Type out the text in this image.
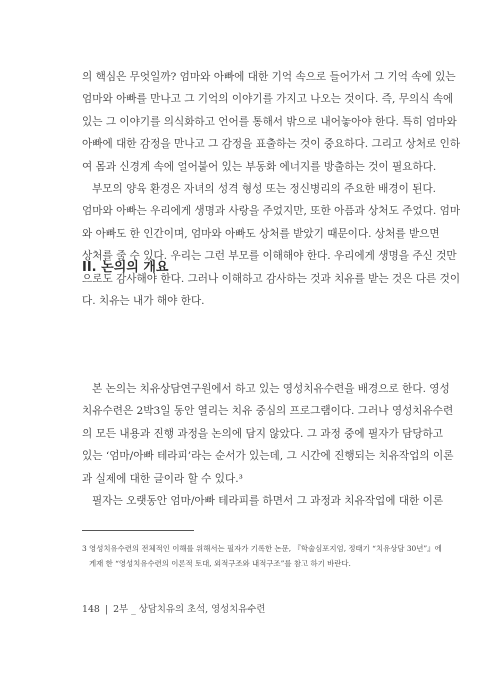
의 핵심은 무엇일까? 엄마와 아빠에 대한 기억 속으로 들어가서 그 기억 속에 있는
엄마와 아빠를 만나고 그 기억의 이야기를 가지고 나오는 것이다. 즉, 무의식 속에
있는 그 이야기를 의식화하고 언어를 통해서 밖으로 내어놓아야 한다. 특히 엄마와
아빠에 대한 감정을 만나고 그 감정을 표출하는 것이 중요하다. 그리고 상처로 인하
여 몸과 신경계 속에 얼어붙어 있는 부동화 에너지를 방출하는 것이 필요하다.

부모의 양육 환경은 자녀의 성격 형성 또는 정신병리의 주요한 배경이 된다.
엄마와 아빠는 우리에게 생명과 사랑을 주었지만, 또한 아픔과 상처도 주었다. 엄마
와 아빠도 한 인간이며, 엄마와 아빠도 상처를 받았기 때문이다. 상처를 받으면
상처를 줄 수 있다. 우리는 그런 부모를 이해해야 한다. 우리에게 생명을 주신 것만
으로도 감사해야 한다. 그러나 이해하고 감사하는 것과 치유를 받는 것은 다른 것이
다. 치유는 내가 해야 한다.

II. 논의의 개요

본 논의는 치유상담연구원에서 하고 있는 영성치유수련을 배경으로 한다. 영성
치유수련은 2박3일 동안 열리는 치유 중심의 프로그램이다. 그러나 영성치유수련
의 모든 내용과 진행 과정을 논의에 담지 않았다. 그 과정 중에 필자가 담당하고
있는 ‘엄마/아빠 테라피’라는 순서가 있는데, 그 시간에 진행되는 치유작업의 이론
과 실제에 대한 글이라 할 수 있다.³

필자는 오랫동안 엄마/아빠 테라피를 하면서 그 과정과 치유작업에 대한 이론

3 영성치유수련의 전체적인 이해를 위해서는 필자가 기록한 논문, 『학술심포지엄, 정태기 “치유상담 30년”』에
게재 한 “영성치유수련의 이론적 토대, 외적구조와 내적구조”를 참고 하기 바란다.
148 | 2부 _ 상담치유의 초석, 영성치유수련
